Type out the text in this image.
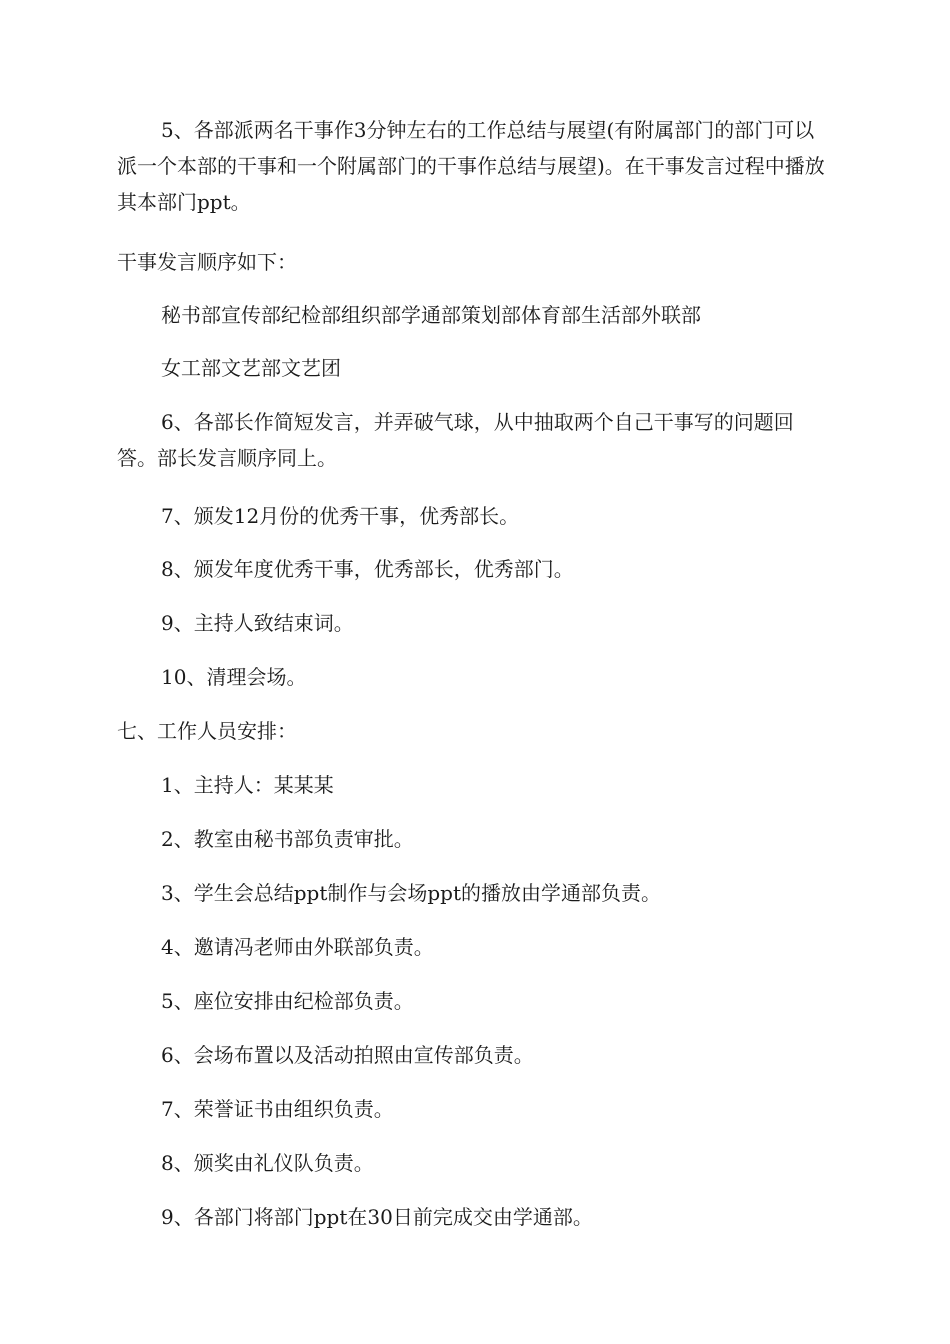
5、各部派两名干事作3分钟左右的工作总结与展望(有附属部门的部门可以派一个本部的干事和一个附属部门的干事作总结与展望)。在干事发言过程中播放其本部门ppt。

干事发言顺序如下：

秘书部宣传部纪检部组织部学通部策划部体育部生活部外联部

女工部文艺部文艺团

6、各部长作简短发言，并弄破气球，从中抽取两个自己干事写的问题回答。部长发言顺序同上。

7、颁发12月份的优秀干事，优秀部长。

8、颁发年度优秀干事，优秀部长，优秀部门。

9、主持人致结束词。

10、清理会场。

七、工作人员安排：

1、主持人：某某某

2、教室由秘书部负责审批。

3、学生会总结ppt制作与会场ppt的播放由学通部负责。

4、邀请冯老师由外联部负责。

5、座位安排由纪检部负责。

6、会场布置以及活动拍照由宣传部负责。

7、荣誉证书由组织负责。

8、颁奖由礼仪队负责。

9、各部门将部门ppt在30日前完成交由学通部。
